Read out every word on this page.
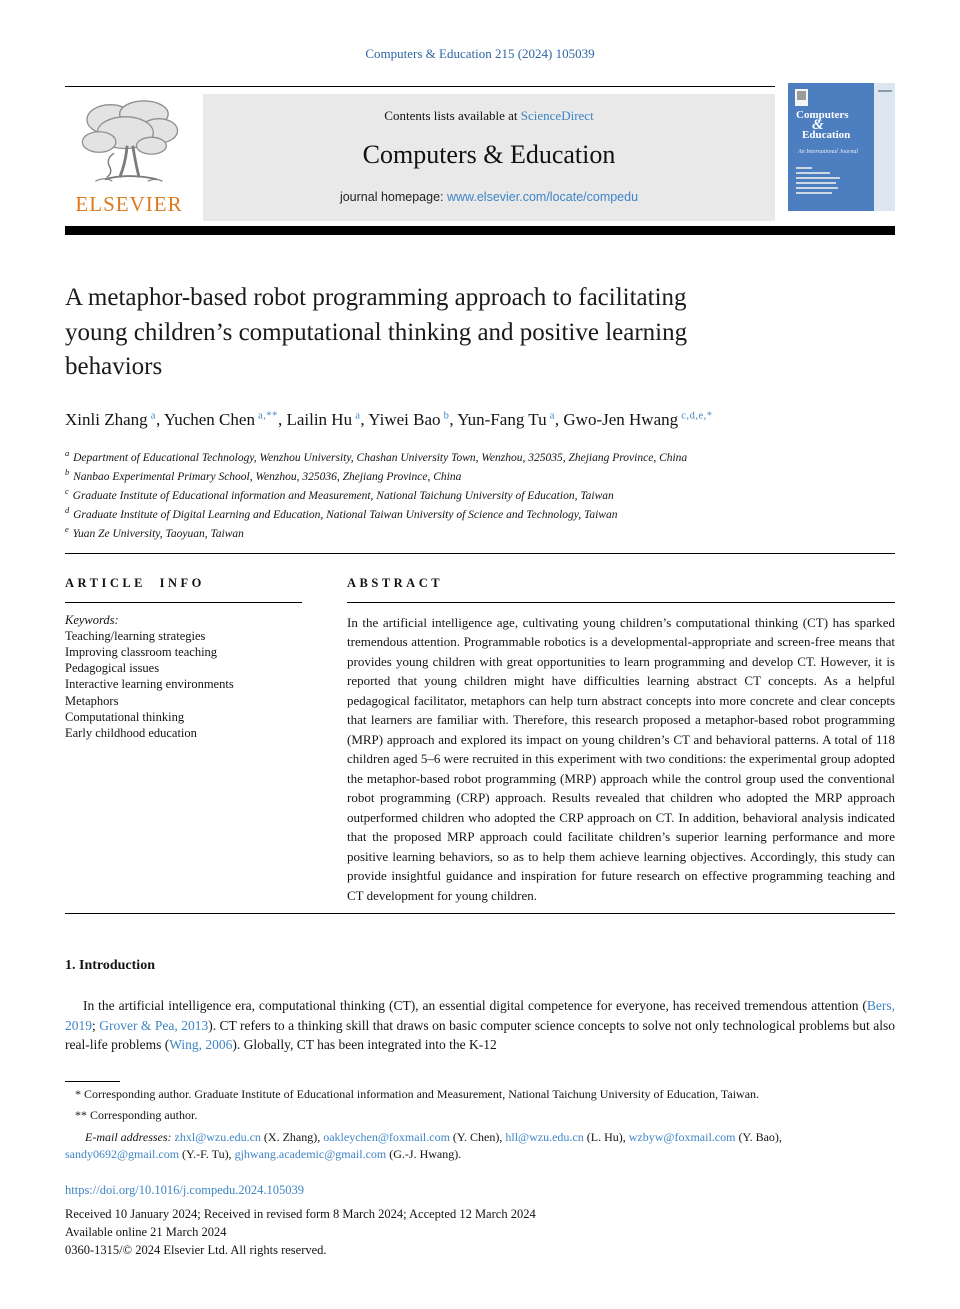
Computers & Education 215 (2024) 105039
ELSEVIER
Contents lists available at ScienceDirect
Computers & Education
journal homepage: www.elsevier.com/locate/compedu
Computers
&
Education
An International Journal
A metaphor-based robot programming approach to facilitating young children’s computational thinking and positive learning behaviors
Xinli Zhang $^a$, Yuchen Chen $^{a,**}$, Lailin Hu $^a$, Yiwei Bao $^b$, Yun-Fang Tu $^a$, Gwo-Jen Hwang $^{c,d,e,*}$
$^a$ Department of Educational Technology, Wenzhou University, Chashan University Town, Wenzhou, 325035, Zhejiang Province, China
$^b$ Nanbao Experimental Primary School, Wenzhou, 325036, Zhejiang Province, China
$^c$ Graduate Institute of Educational information and Measurement, National Taichung University of Education, Taiwan
$^d$ Graduate Institute of Digital Learning and Education, National Taiwan University of Science and Technology, Taiwan
$^e$ Yuan Ze University, Taoyuan, Taiwan
ARTICLE INFO
Keywords:
Teaching/learning strategies
Improving classroom teaching
Pedagogical issues
Interactive learning environments
Metaphors
Computational thinking
Early childhood education
ABSTRACT
In the artificial intelligence age, cultivating young children’s computational thinking (CT) has sparked tremendous attention. Programmable robotics is a developmental-appropriate and screen-free means that provides young children with great opportunities to learn programming and develop CT. However, it is reported that young children might have difficulties learning abstract CT concepts. As a helpful pedagogical facilitator, metaphors can help turn abstract concepts into more concrete and clear concepts that learners are familiar with. Therefore, this research proposed a metaphor-based robot programming (MRP) approach and explored its impact on young children’s CT and behavioral patterns. A total of 118 children aged 5–6 were recruited in this experiment with two conditions: the experimental group adopted the metaphor-based robot programming (MRP) approach while the control group used the conventional robot programming (CRP) approach. Results revealed that children who adopted the MRP approach outperformed children who adopted the CRP approach on CT. In addition, behavioral analysis indicated that the proposed MRP approach could facilitate children’s superior learning performance and more positive learning behaviors, so as to help them achieve learning objectives. Accordingly, this study can provide insightful guidance and inspiration for future research on effective programming teaching and CT development for young children.
1. Introduction
In the artificial intelligence era, computational thinking (CT), an essential digital competence for everyone, has received tremendous attention (Bers, 2019; Grover & Pea, 2013). CT refers to a thinking skill that draws on basic computer science concepts to solve not only technological problems but also real-life problems (Wing, 2006). Globally, CT has been integrated into the K-12
* Corresponding author. Graduate Institute of Educational information and Measurement, National Taichung University of Education, Taiwan.
** Corresponding author.
E-mail addresses: zhxl@wzu.edu.cn (X. Zhang), oakleychen@foxmail.com (Y. Chen), hll@wzu.edu.cn (L. Hu), wzbyw@foxmail.com (Y. Bao), sandy0692@gmail.com (Y.-F. Tu), gjhwang.academic@gmail.com (G.-J. Hwang).
https://doi.org/10.1016/j.compedu.2024.105039
Received 10 January 2024; Received in revised form 8 March 2024; Accepted 12 March 2024
Available online 21 March 2024
0360-1315/© 2024 Elsevier Ltd. All rights reserved.
